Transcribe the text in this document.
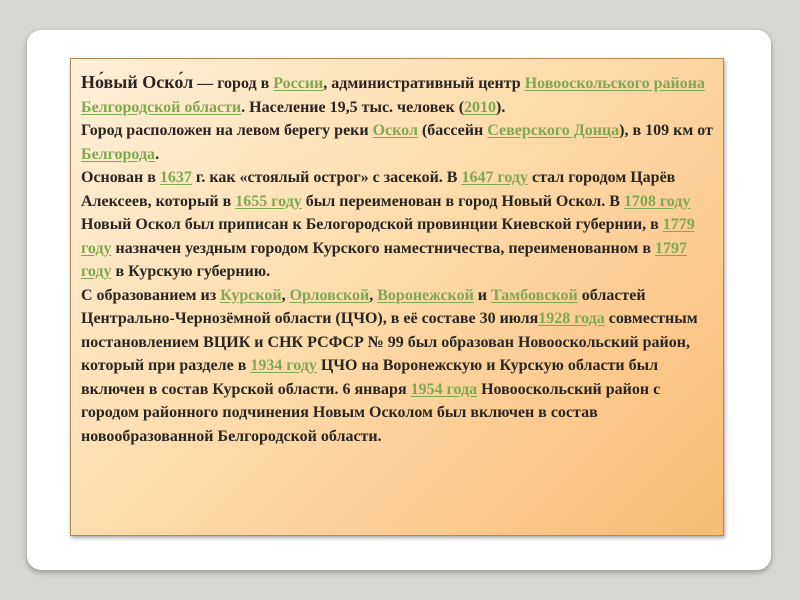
Но́вый Оско́л — город в России, административный центр Новооскольского района Белгородской области. Население 19,5 тыс. человек (2010).

Город расположен на левом берегу реки Оскол (бассейн Северского Донца), в 109 км от Белгорода.

Основан в 1637 г. как «стоялый острог» с засекой. В 1647 году стал городом Царёв Алексеев, который в 1655 году был переименован в город Новый Оскол. В 1708 году Новый Оскол был приписан к Белогородской провинции Киевской губернии, в 1779 году назначен уездным городом Курского наместничества, переименованном в 1797 году в Курскую губернию.

С образованием из Курской, Орловской, Воронежской и Тамбовской областей Центрально-Чернозёмной области (ЦЧО), в её составе 30 июля1928 года совместным постановлением ВЦИК и СНК РСФСР № 99 был образован Новооскольский район, который при разделе в 1934 году ЦЧО на Воронежскую и Курскую области был включен в состав Курской области. 6 января 1954 года Новооскольский район с городом районного подчинения Новым Осколом был включен в состав новообразованной Белгородской области.
